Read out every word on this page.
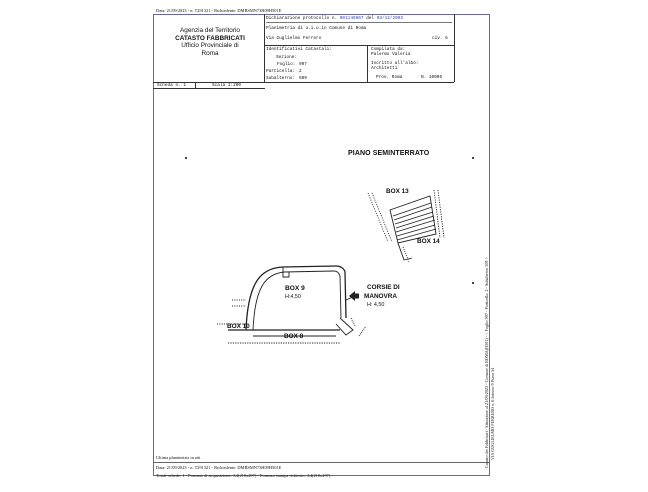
Data: 21/09/2023 - n. T291321 - Richiedente: DMRSMN73H09H501E
Agenzia del Territorio
CATASTO FABBRICATI
Ufficio Provinciale di
Roma
Dichiarazione protocollo n. 001146967 del 03/12/2003
Planimetria di u.i.u.in Comune di Roma
Via Guglielmo Ferrero	civ. 6
Identificativi Catastali:
Sezione:
Foglio: 907
Particella: 2
Subalterno: 509
Compilata da:
Palermo Valeria
Iscritto all'albo:
Architetti
Prov. Roma	N. 10005
Scheda n. 1	Scala 1:200
PIANO SEMINTERRATO
BOX 13
BOX 14
BOX 9
H:4,50
CORSIE DI
MANOVRA
H: 4,50
BOX 10
BOX 8
Ultima planimetria in atti
Data: 21/09/2023 - n. T291321 - Richiedente: DMRSMN73H09H501E
Totale schede: 1 - Formato di acquisizione: A4(210x297) - Formato stampa richiesto: A4(210x297)
Catasto dei Fabbricati - Situazione al 21/09/2023 - Comune di ROMA(H501) - < Foglio 907 - Particella: 2 - Subalterno 509 > VIA GUGLIELMO FERRERO n. 6 Interno 9 Piano S1
